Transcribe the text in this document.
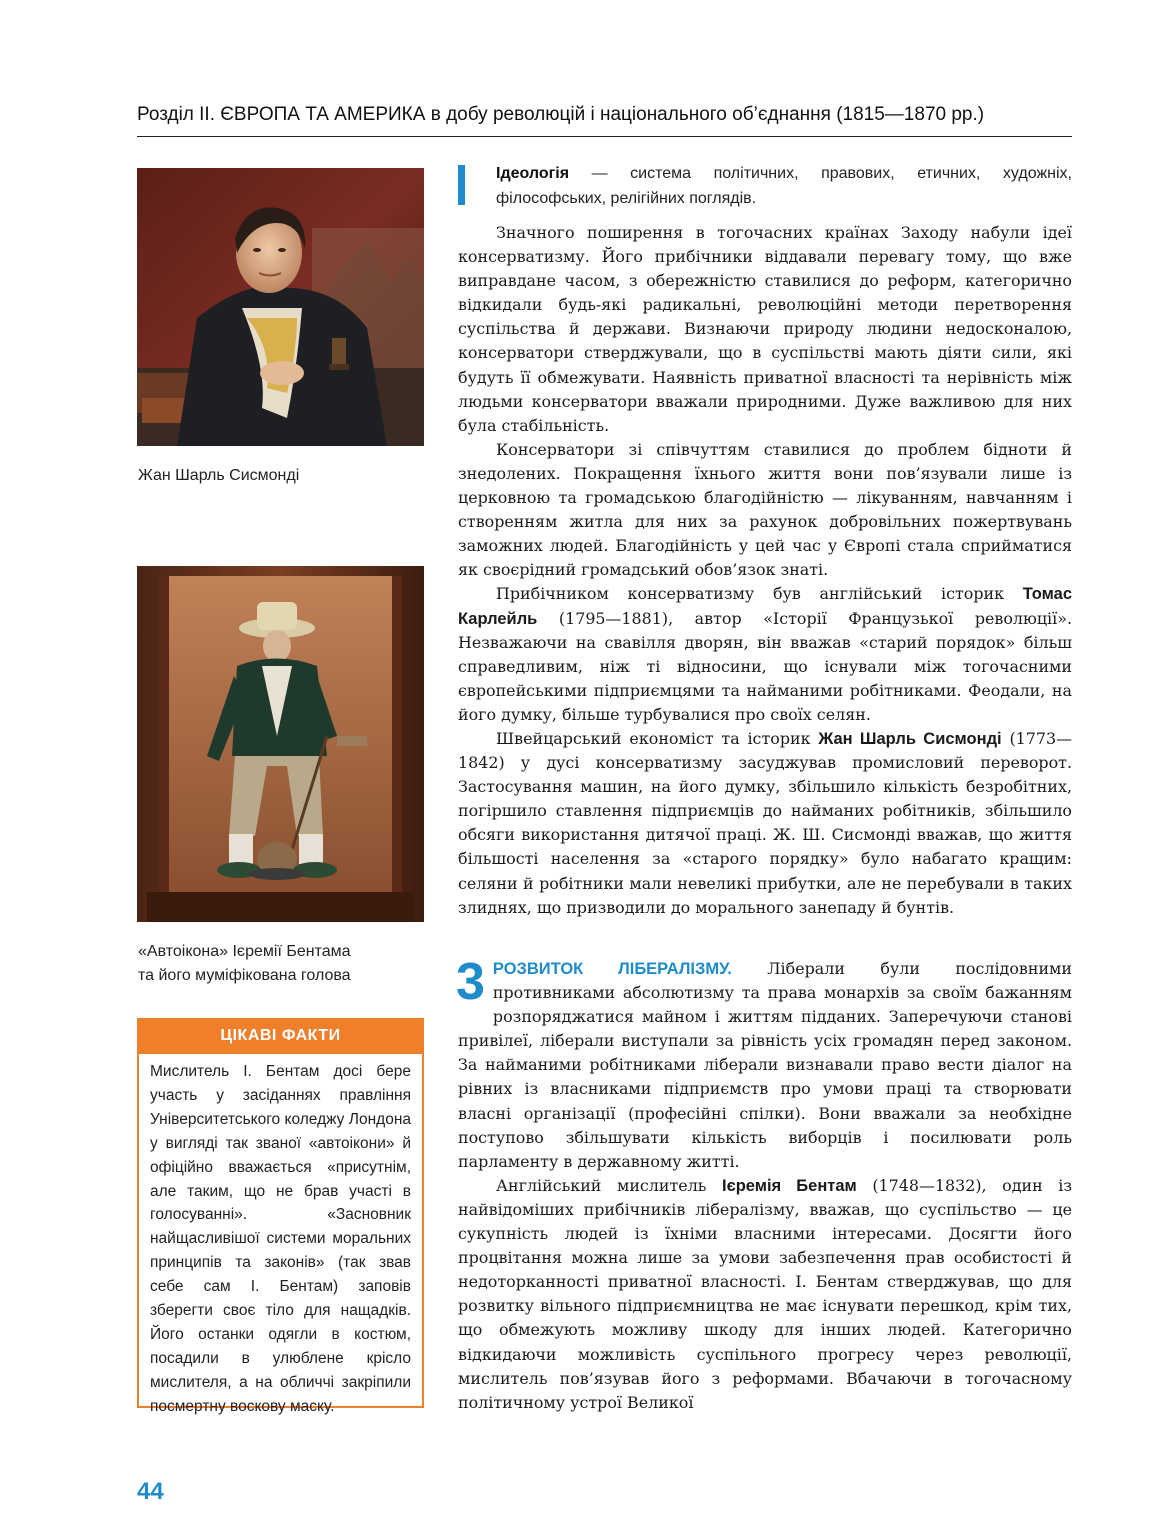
Розділ ІІ. ЄВРОПА ТА АМЕРИКА в добу революцій і національного об’єднання (1815—1870 рр.)
Жан Шарль Сисмонді
«Автоікона» Ієремії Бентама
та його муміфікована голова
ЦІКАВІ ФАКТИ
Мислитель І. Бентам досі бере участь у засіданнях правління Університетського коледжу Лондона у вигляді так званої «автоікони» й офіційно вважається «присутнім, але таким, що не брав участі в голосуванні». «Засновник найщасливішої системи моральних принципів та законів» (так звав себе сам І. Бентам) заповів зберегти своє тіло для нащадків. Його останки одягли в костюм, посадили в улюблене крісло мислителя, а на обличчі закріпили посмертну воскову маску.
Ідеологія — система політичних, правових, етичних, художніх, філософських, релігійних поглядів.

Значного поширення в тогочасних країнах Заходу набули ідеї консерватизму. Його прибічники віддавали перевагу тому, що вже виправдане часом, з обережністю ставилися до реформ, категорично відкидали будь-які радикальні, революційні методи перетворення суспільства й держави. Визнаючи природу людини недосконалою, консерватори стверджували, що в суспільстві мають діяти сили, які будуть її обмежувати. Наявність приватної власності та нерівність між людьми консерватори вважали природними. Дуже важливою для них була стабільність.

Консерватори зі співчуттям ставилися до проблем бідноти й знедолених. Покращення їхнього життя вони пов’язували лише із церковною та громадською благодійністю — лікуванням, навчанням і створенням житла для них за рахунок добровільних пожертвувань заможних людей. Благодійність у цей час у Європі стала сприйматися як своєрідний громадський обов’язок знаті.

Прибічником консерватизму був англійський історик Томас Карлейль (1795—1881), автор «Історії Французької революції». Незважаючи на свавілля дворян, він вважав «старий порядок» більш справедливим, ніж ті відносини, що існували між тогочасними європейськими підприємцями та найманими робітниками. Феодали, на його думку, більше турбувалися про своїх селян.

Швейцарський економіст та історик Жан Шарль Сисмонді (1773—1842) у дусі консерватизму засуджував промисловий переворот. Застосування машин, на його думку, збільшило кількість безробітних, погіршило ставлення підприємців до найманих робітників, збільшило обсяги використання дитячої праці. Ж. Ш. Сисмонді вважав, що життя більшості населення за «старого порядку» було набагато кращим: селяни й робітники мали невеликі прибутки, але не перебували в таких злиднях, що призводили до морального занепаду й бунтів.

3 РОЗВИТОК ЛІБЕРАЛІЗМУ. Ліберали були послідовними противниками абсолютизму та права монархів за своїм бажанням розпоряджатися майном і життям підданих. Заперечуючи станові привілеї, ліберали виступали за рівність усіх громадян перед законом. За найманими робітниками ліберали визнавали право вести діалог на рівних із власниками підприємств про умови праці та створювати власні організації (професійні спілки). Вони вважали за необхідне поступово збільшувати кількість виборців і посилювати роль парламенту в державному житті.

Англійський мислитель Ієремія Бентам (1748—1832), один із найвідоміших прибічників лібералізму, вважав, що суспільство — це сукупність людей із їхніми власними інтересами. Досягти його процвітання можна лише за умови забезпечення прав особистості й недоторканності приватної власності. І. Бентам стверджував, що для розвитку вільного підприємництва не має існувати перешкод, крім тих, що обмежують можливу шкоду для інших людей. Категорично відкидаючи можливість суспільного прогресу через революції, мислитель пов’язував його з реформами. Вбачаючи в тогочасному політичному устрої Великої

44
